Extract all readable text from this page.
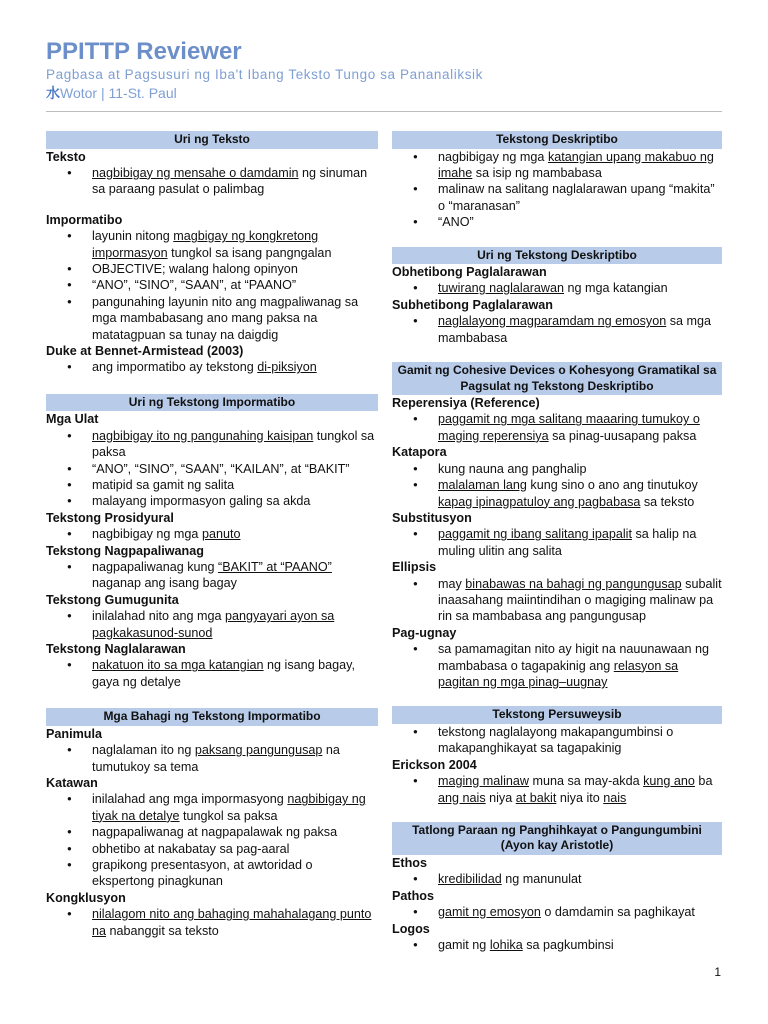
PPITTP Reviewer
Pagbasa at Pagsusuri ng Iba't Ibang Teksto Tungo sa Pananaliksik
水Wotor | 11-St. Paul
Uri ng Teksto
Teksto
● nagbibigay ng mensahe o damdamin ng sinuman sa paraang pasulat o palimbag
Impormatibo
● layunin nitong magbigay ng kongkretong impormasyon tungkol sa isang pangngalan
● OBJECTIVE; walang halong opinyon
● “ANO”, “SINO”, “SAAN”, at “PAANO”
● pangunahing layunin nito ang magpaliwanag sa mga mambabasang ano mang paksa na matatagpuan sa tunay na daigdig
Duke at Bennet-Armistead (2003)
● ang impormatibo ay tekstong di-piksiyon
Uri ng Tekstong Impormatibo
Mga Ulat
● nagbibigay ito ng pangunahing kaisipan tungkol sa paksa
● “ANO”, “SINO”, “SAAN”, “KAILAN”, at “BAKIT”
● matipid sa gamit ng salita
● malayang impormasyon galing sa akda
Tekstong Prosidyural
● nagbibigay ng mga panuto
Tekstong Nagpapaliwanag
● nagpapaliwanag kung “BAKIT” at “PAANO” naganap ang isang bagay
Tekstong Gumugunita
● inilalahad nito ang mga pangyayari ayon sa pagkakasunod-sunod
Tekstong Naglalarawan
● nakatuon ito sa mga katangian ng isang bagay, gaya ng detalye
Mga Bahagi ng Tekstong Impormatibo
Panimula
● naglalaman ito ng paksang pangungusap na tumutukoy sa tema
Katawan
● inilalahad ang mga impormasyong nagbibigay ng tiyak na detalye tungkol sa paksa
● nagpapaliwanag at nagpapalawak ng paksa
● obhetibo at nakabatay sa pag-aaral
● grapikong presentasyon, at awtoridad o ekspertong pinagkunan
Kongklusyon
● nilalagom nito ang bahaging mahahalagang punto na nabanggit sa teksto
Tekstong Deskriptibo
● nagbibigay ng mga katangian upang makabuo ng imahe sa isip ng mambabasa
● malinaw na salitang naglalarawan upang “makita” o “maranasan”
● “ANO”
Uri ng Tekstong Deskriptibo
Obhetibong Paglalarawan
● tuwirang naglalarawan ng mga katangian
Subhetibong Paglalarawan
● naglalayong magparamdam ng emosyon sa mga mambabasa
Gamit ng Cohesive Devices o Kohesyong Gramatikal sa Pagsulat ng Tekstong Deskriptibo
Reperensiya (Reference)
● paggamit ng mga salitang maaaring tumukoy o maging reperensiya sa pinag-uusapang paksa
Katapora
● kung nauna ang panghalip
● malalaman lang kung sino o ano ang tinutukoy kapag ipinagpatuloy ang pagbabasa sa teksto
Substitusyon
● paggamit ng ibang salitang ipapalit sa halip na muling ulitin ang salita
Ellipsis
● may binabawas na bahagi ng pangungusap subalit inaasahang maiintindihan o magiging malinaw pa rin sa mambabasa ang pangungusap
Pag-ugnay
● sa pamamagitan nito ay higit na nauunawaan ng mambabasa o tagapakinig ang relasyon sa pagitan ng mga pinag–uugnay
Tekstong Persuweysib
● tekstong naglalayong makapangumbinsi o makapanghikayat sa tagapakinig
Erickson 2004
● maging malinaw muna sa may-akda kung ano ba ang nais niya at bakit niya ito nais
Tatlong Paraan ng Panghihkayat o Pangungumbini (Ayon kay Aristotle)
Ethos
● kredibilidad ng manunulat
Pathos
● gamit ng emosyon o damdamin sa paghikayat
Logos
● gamit ng lohika sa pagkumbinsi
1
